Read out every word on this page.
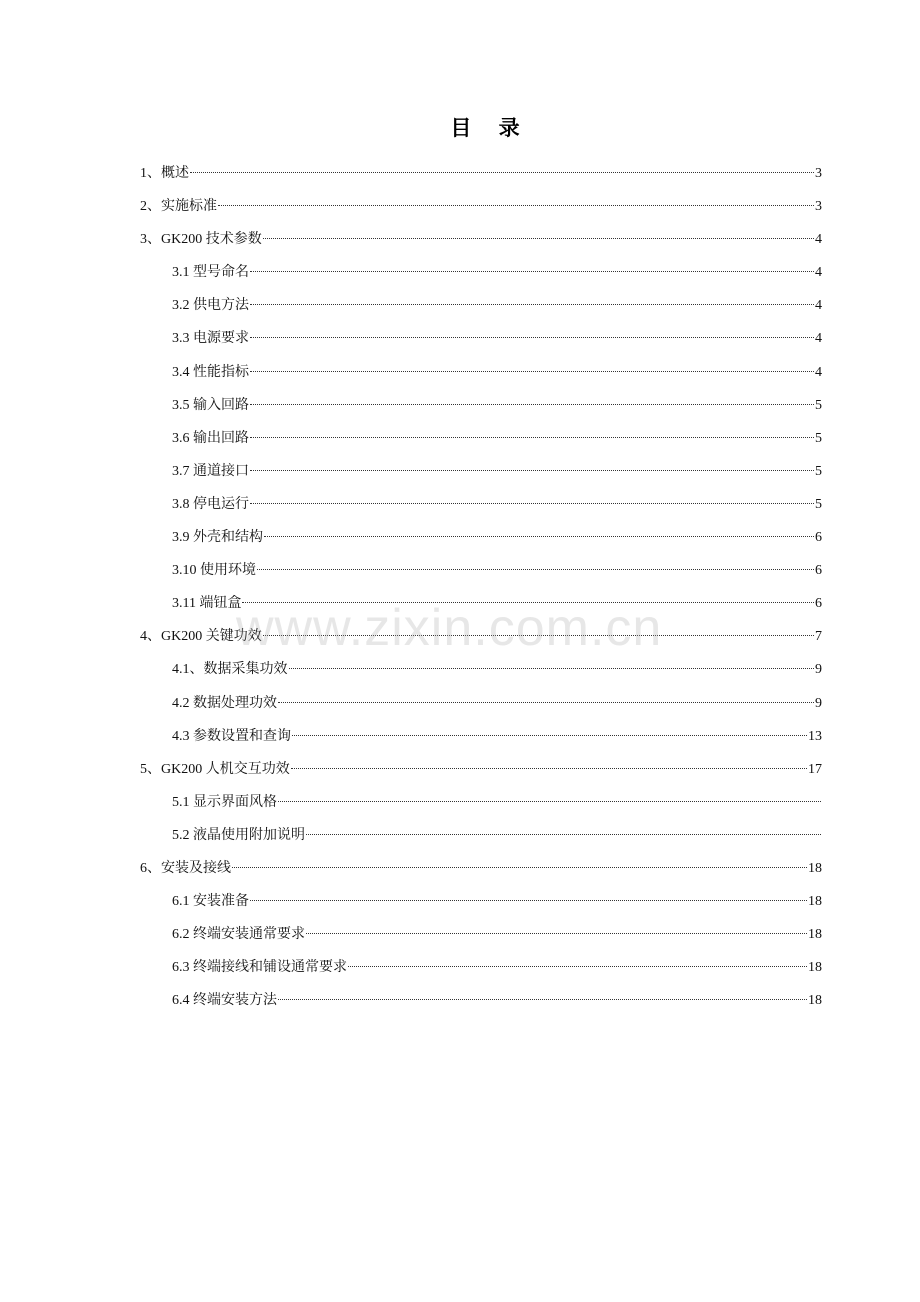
目 录
1、概述	3
2、实施标准	3
3、GK200 技术参数	4
3.1 型号命名	4
3.2 供电方法	4
3.3 电源要求	4
3.4 性能指标	4
3.5 输入回路	5
3.6 输出回路	5
3.7 通道接口	5
3.8 停电运行	5
3.9 外壳和结构	6
3.10 使用环境	6
3.11 端钮盒	6
4、GK200 关键功效	7
4.1、数据采集功效	9
4.2 数据处理功效	9
4.3 参数设置和查询	13
5、GK200 人机交互功效	17
5.1 显示界面风格
5.2 液晶使用附加说明
6、安装及接线	18
6.1 安装准备	18
6.2 终端安装通常要求	18
6.3 终端接线和铺设通常要求	18
6.4 终端安装方法	18
www.zixin.com.cn
